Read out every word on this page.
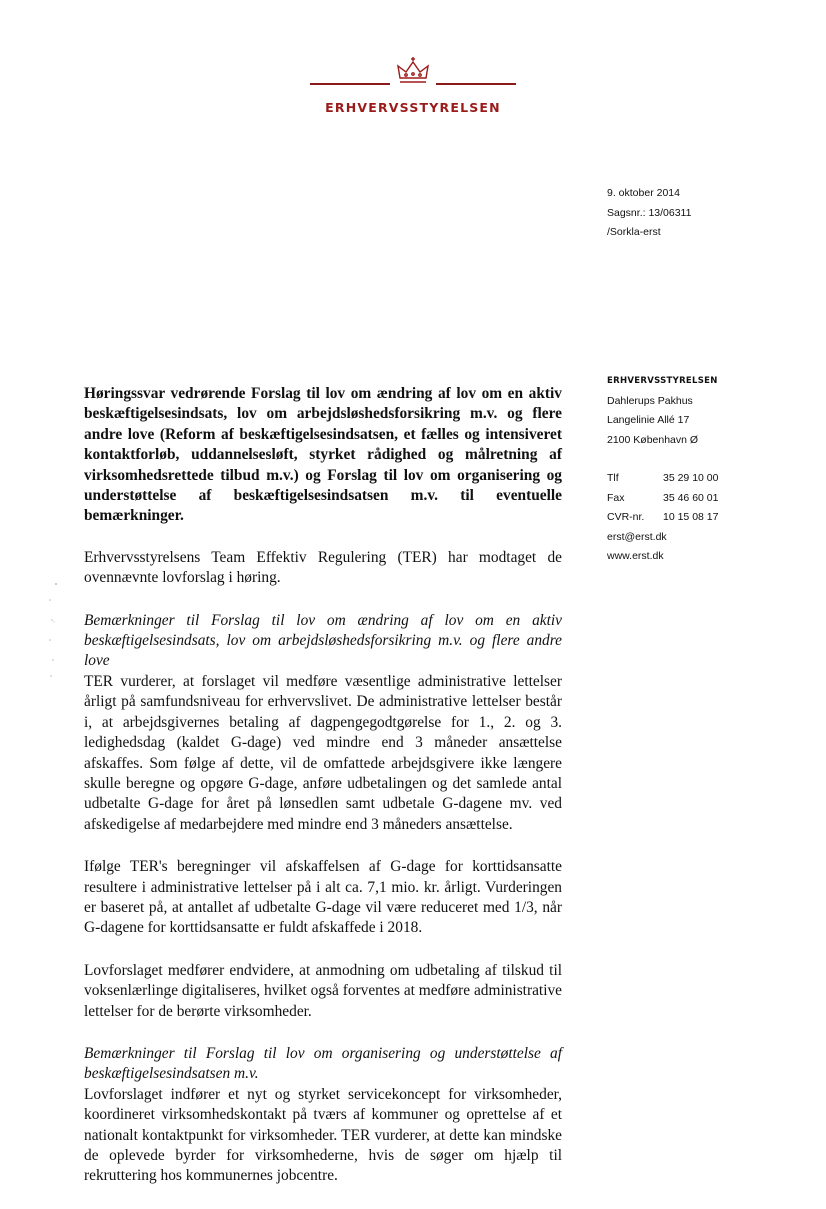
ERHVERVSSTYRELSEN
9. oktober 2014
Sagsnr.: 13/06311
/Sorkla-erst
ERHVERVSSTYRELSEN
Dahlerups Pakhus
Langelinie Allé 17
2100 København Ø
Tlf	35 29 10 00
Fax	35 46 60 01
CVR-nr.	10 15 08 17
erst@erst.dk
www.erst.dk
Høringssvar vedrørende Forslag til lov om ændring af lov om en aktiv beskæftigelsesindsats, lov om arbejdsløshedsforsikring m.v. og flere andre love (Reform af beskæftigelsesindsatsen, et fælles og intensiveret kontaktforløb, uddannelsesløft, styrket rådighed og målretning af virksomhedsrettede tilbud m.v.) og Forslag til lov om organisering og understøttelse af beskæftigelsesindsatsen m.v. til eventuelle bemærkninger.

Erhvervsstyrelsens Team Effektiv Regulering (TER) har modtaget de ovennævnte lovforslag i høring.

Bemærkninger til Forslag til lov om ændring af lov om en aktiv beskæftigelsesindsats, lov om arbejdsløshedsforsikring m.v. og flere andre love
TER vurderer, at forslaget vil medføre væsentlige administrative lettelser årligt på samfundsniveau for erhvervslivet. De administrative lettelser består i, at arbejdsgivernes betaling af dagpengegodtgørelse for 1., 2. og 3. ledighedsdag (kaldet G-dage) ved mindre end 3 måneder ansættelse afskaffes. Som følge af dette, vil de omfattede arbejdsgivere ikke længere skulle beregne og opgøre G-dage, anføre udbetalingen og det samlede antal udbetalte G-dage for året på lønsedlen samt udbetale G-dagene mv. ved afskedigelse af medarbejdere med mindre end 3 måneders ansættelse.

Ifølge TER's beregninger vil afskaffelsen af G-dage for korttidsansatte resultere i administrative lettelser på i alt ca. 7,1 mio. kr. årligt. Vurderingen er baseret på, at antallet af udbetalte G-dage vil være reduceret med 1/3, når G-dagene for korttidsansatte er fuldt afskaffede i 2018.

Lovforslaget medfører endvidere, at anmodning om udbetaling af tilskud til voksenlærlinge digitaliseres, hvilket også forventes at medføre administrative lettelser for de berørte virksomheder.

Bemærkninger til Forslag til lov om organisering og understøttelse af beskæftigelsesindsatsen m.v.
Lovforslaget indfører et nyt og styrket servicekoncept for virksomheder, koordineret virksomhedskontakt på tværs af kommuner og oprettelse af et nationalt kontaktpunkt for virksomheder. TER vurderer, at dette kan mindske de oplevede byrder for virksomhederne, hvis de søger om hjælp til rekruttering hos kommunernes jobcentre.
